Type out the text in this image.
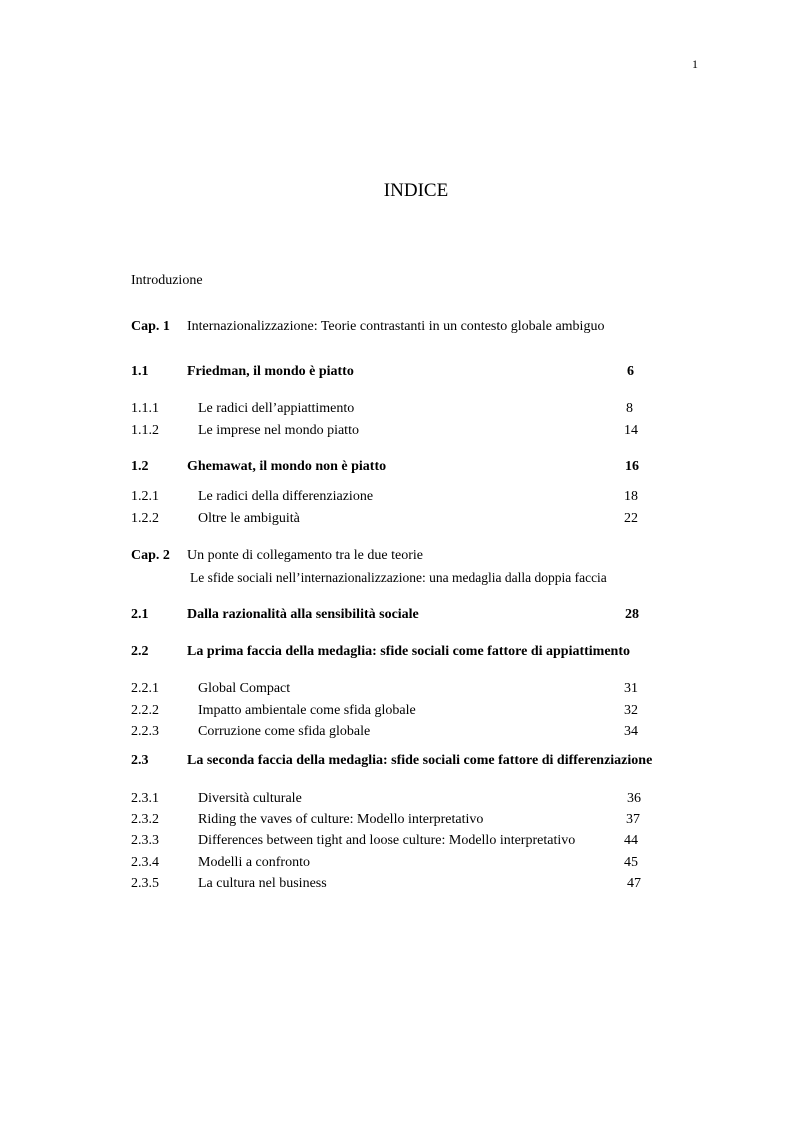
1
INDICE
Introduzione
Cap. 1 Internazionalizzazione: Teorie contrastanti in un contesto globale ambiguo
1.1	Friedman, il mondo è piatto	6
1.1.1	Le radici dell’appiattimento	8
1.1.2	Le imprese nel mondo piatto	14
1.2	Ghemawat, il mondo non è piatto	16
1.2.1	Le radici della differenziazione	18
1.2.2	Oltre le ambiguità	22
Cap. 2 Un ponte di collegamento tra le due teorie
Le sfide sociali nell’internazionalizzazione: una medaglia dalla doppia faccia
2.1	Dalla razionalità alla sensibilità sociale	28
2.2	La prima faccia della medaglia: sfide sociali come fattore di appiattimento
2.2.1	Global Compact	31
2.2.2	Impatto ambientale come sfida globale	32
2.2.3	Corruzione come sfida globale	34
2.3	La seconda faccia della medaglia: sfide sociali come fattore di differenziazione
2.3.1	Diversità culturale	36
2.3.2	Riding the vaves of culture: Modello interpretativo	37
2.3.3	Differences between tight and loose culture: Modello interpretativo	44
2.3.4	Modelli a confronto	45
2.3.5	La cultura nel business	47
